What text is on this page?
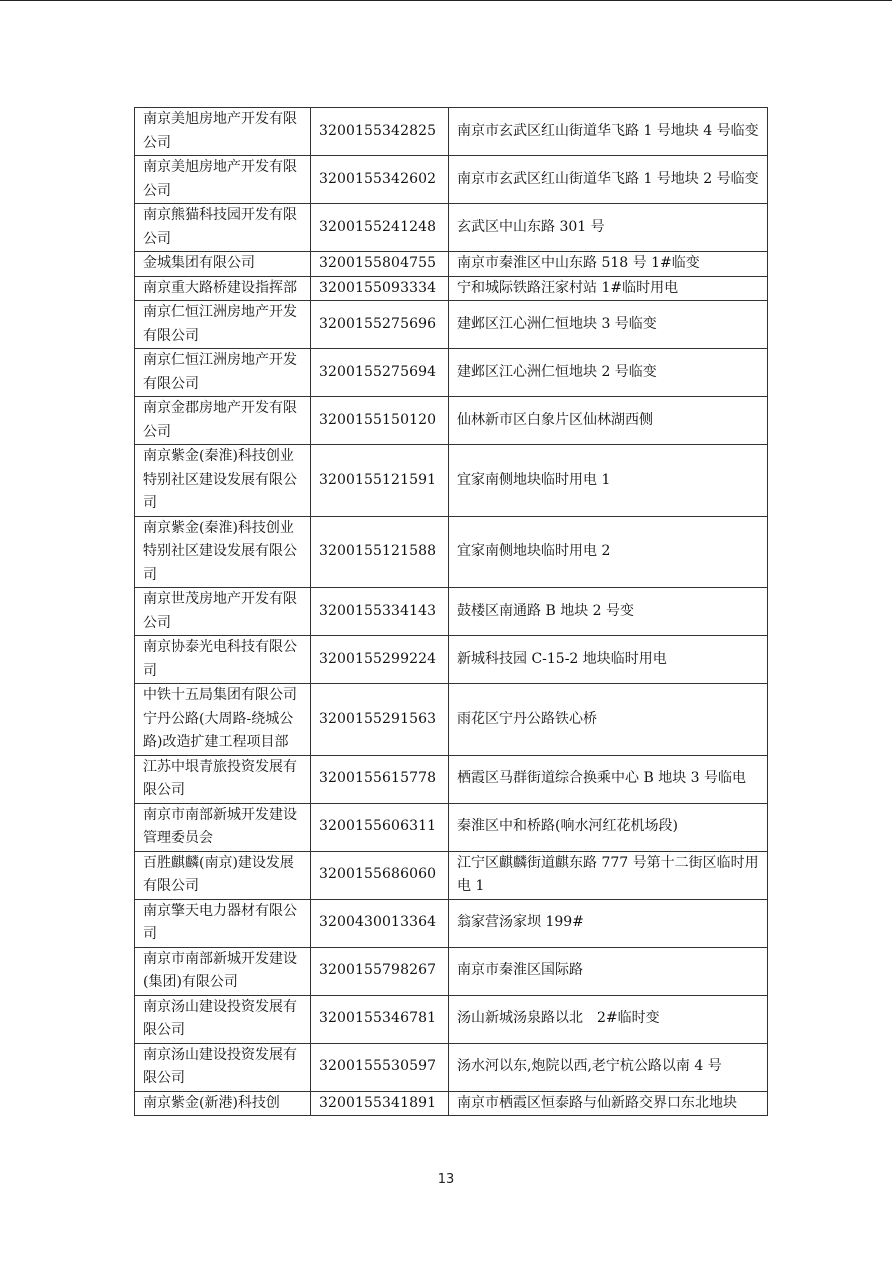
南京美旭房地产开发有限公司	3200155342825	南京市玄武区红山街道华飞路 1 号地块 4 号临变
南京美旭房地产开发有限公司	3200155342602	南京市玄武区红山街道华飞路 1 号地块 2 号临变
南京熊猫科技园开发有限公司	3200155241248	玄武区中山东路 301 号
金城集团有限公司	3200155804755	南京市秦淮区中山东路 518 号 1#临变
南京重大路桥建设指挥部	3200155093334	宁和城际铁路汪家村站 1#临时用电
南京仁恒江洲房地产开发有限公司	3200155275696	建邺区江心洲仁恒地块 3 号临变
南京仁恒江洲房地产开发有限公司	3200155275694	建邺区江心洲仁恒地块 2 号临变
南京金郡房地产开发有限公司	3200155150120	仙林新市区白象片区仙林湖西侧
南京紫金(秦淮)科技创业特别社区建设发展有限公司	3200155121591	宜家南侧地块临时用电 1
南京紫金(秦淮)科技创业特别社区建设发展有限公司	3200155121588	宜家南侧地块临时用电 2
南京世茂房地产开发有限公司	3200155334143	鼓楼区南通路 B 地块 2 号变
南京协泰光电科技有限公司	3200155299224	新城科技园 C-15-2 地块临时用电
中铁十五局集团有限公司宁丹公路(大周路-绕城公路)改造扩建工程项目部	3200155291563	雨花区宁丹公路铁心桥
江苏中垠青旅投资发展有限公司	3200155615778	栖霞区马群街道综合换乘中心 B 地块 3 号临电
南京市南部新城开发建设管理委员会	3200155606311	秦淮区中和桥路(响水河红花机场段)
百胜麒麟(南京)建设发展有限公司	3200155686060	江宁区麒麟街道麒东路 777 号第十二街区临时用电 1
南京擎天电力器材有限公司	3200430013364	翁家营汤家坝 199#
南京市南部新城开发建设(集团)有限公司	3200155798267	南京市秦淮区国际路
南京汤山建设投资发展有限公司	3200155346781	汤山新城汤泉路以北　2#临时变
南京汤山建设投资发展有限公司	3200155530597	汤水河以东,炮院以西,老宁杭公路以南 4 号
南京紫金(新港)科技创	3200155341891	南京市栖霞区恒泰路与仙新路交界口东北地块
13
